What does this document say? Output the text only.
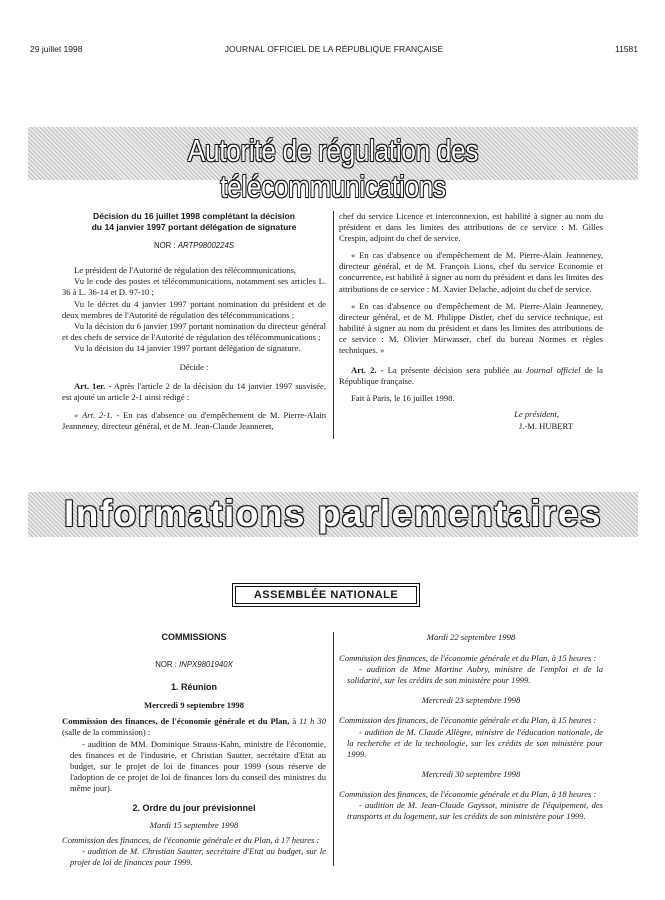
29 juillet 1998	JOURNAL OFFICIEL DE LA RÉPUBLIQUE FRANÇAISE	11581
Autorité de régulation des télécommunications
Décision du 16 juillet 1998 complétant la décision
du 14 janvier 1997 portant délégation de signature
NOR : ARTP9800224S

Le président de l'Autorité de régulation des télécommunications,

Vu le code des postes et télécommunications, notamment ses articles L. 36 à L. 36-14 et D. 97-10 ;

Vu le décret du 4 janvier 1997 portant nomination du président et de deux membres de l'Autorité de régulation des télécommunications ;

Vu la décision du 6 janvier 1997 portant nomination du directeur général et des chefs de service de l'Autorité de régulation des télécommunications ;

Vu la décision du 14 janvier 1997 portant délégation de signature.

Décide :

Art. 1er. - Après l'article 2 de la décision du 14 janvier 1997 susvisée, est ajouté un article 2-1 ainsi rédigé :

« Art. 2-1. - En cas d'absence ou d'empêchement de M. Pierre-Alain Jeanneney, directeur général, et de M. Jean-Claude Jeanneret,

chef du service Licence et interconnexion, est habilité à signer au nom du président et dans les limites des attributions de ce service : M. Gilles Crespin, adjoint du chef de service.

« En cas d'absence ou d'empêchement de M. Pierre-Alain Jeanneney, directeur général, et de M. François Lions, chef du service Economie et concurrence, est habilité à signer au nom du président et dans les limites des attributions de ce service : M. Xavier Delache, adjoint du chef de service.

« En cas d'absence ou d'empêchement de M. Pierre-Alain Jeanneney, directeur général, et de M. Philippe Distler, chef du service technique, est habilité à signer au nom du président et dans les limites des attributions de ce service : M. Olivier Mirwasser, chef du bureau Normes et règles techniques. »

Art. 2. - La présente décision sera publiée au Journal officiel de la République française.

Fait à Paris, le 16 juillet 1998.

Le président,
J.-M. HUBERT
Informations parlementaires
ASSEMBLÉE NATIONALE
COMMISSIONS
NOR : INPX9801940X
1. Réunion
Mercredi 9 septembre 1998

Commission des finances, de l'économie générale et du Plan, à 11 h 30 (salle de la commission) :

- audition de MM. Dominique Strauss-Kahn, ministre de l'économie, des finances et de l'industrie, et Christian Sautter, secrétaire d'Etat au budget, sur le projet de loi de finances pour 1999 (sous réserve de l'adoption de ce projet de loi de finances lors du conseil des ministres du même jour).

2. Ordre du jour prévisionnel
Mardi 15 septembre 1998

Commission des finances, de l'économie générale et du Plan, à 17 heures :

- audition de M. Christian Sautter, secrétaire d'Etat au budget, sur le projet de loi de finances pour 1999.

Mardi 22 septembre 1998

Commission des finances, de l'économie générale et du Plan, à 15 heures :

- audition de Mme Martine Aubry, ministre de l'emploi et de la solidarité, sur les crédits de son ministère pour 1999.

Mercredi 23 septembre 1998

Commission des finances, de l'économie générale et du Plan, à 15 heures :

- audition de M. Claude Allègre, ministre de l'éducation nationale, de la recherche et de la technologie, sur les crédits de son ministère pour 1999.

Mercredi 30 septembre 1998

Commission des finances, de l'économie générale et du Plan, à 18 heures :

- audition de M. Jean-Claude Gayssot, ministre de l'équipement, des transports et du logement, sur les crédits de son ministère pour 1999.
